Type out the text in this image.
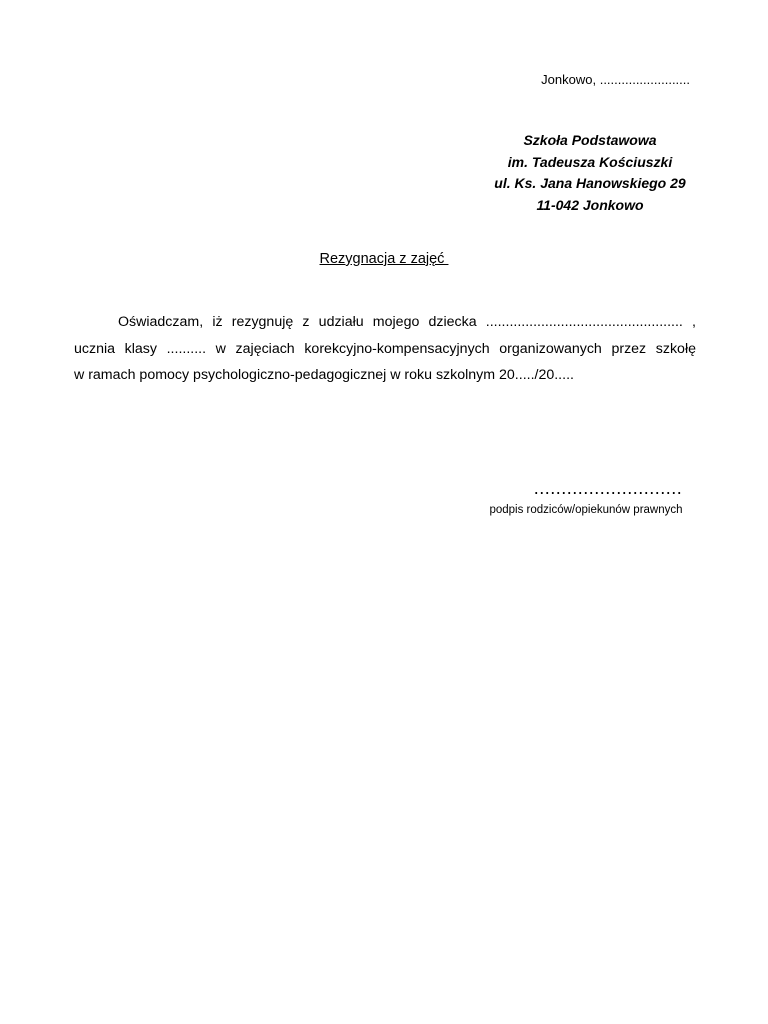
Jonkowo, .........................
Szkoła Podstawowa
im. Tadeusza Kościuszki
ul. Ks. Jana Hanowskiego 29
11-042 Jonkowo
Rezygnacja z zajęć
Oświadczam, iż rezygnuję z udziału mojego dziecka .................................................. ,
ucznia klasy .......... w zajęciach korekcyjno-kompensacyjnych organizowanych przez szkołę
w ramach pomocy psychologiczno-pedagogicznej w roku szkolnym 20...../20.....
...........................
podpis rodziców/opiekunów prawnych
